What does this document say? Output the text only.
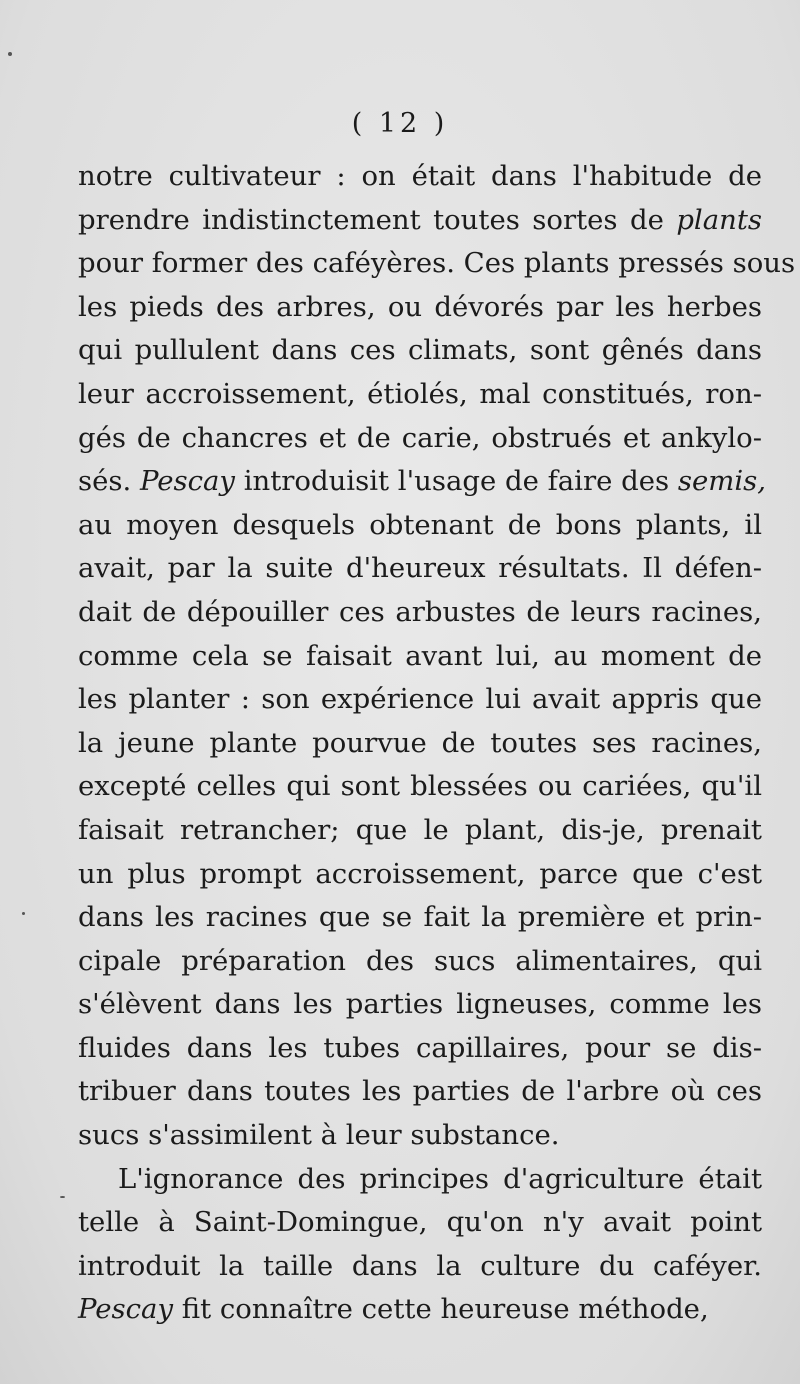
( 12 )
notre cultivateur : on était dans l'habitude de
prendre indistinctement toutes sortes de plants
pour former des caféyères. Ces plants pressés sous
les pieds des arbres, ou dévorés par les herbes
qui pullulent dans ces climats, sont gênés dans
leur accroissement, étiolés, mal constitués, ron-
gés de chancres et de carie, obstrués et ankylo-
sés. Pescay introduisit l'usage de faire des semis,
au moyen desquels obtenant de bons plants, il
avait, par la suite d'heureux résultats. Il défen-
dait de dépouiller ces arbustes de leurs racines,
comme cela se faisait avant lui, au moment de
les planter : son expérience lui avait appris que
la jeune plante pourvue de toutes ses racines,
excepté celles qui sont blessées ou cariées, qu'il
faisait retrancher; que le plant, dis-je, prenait
un plus prompt accroissement, parce que c'est
dans les racines que se fait la première et prin-
cipale préparation des sucs alimentaires, qui
s'élèvent dans les parties ligneuses, comme les
fluides dans les tubes capillaires, pour se dis-
tribuer dans toutes les parties de l'arbre où ces
sucs s'assimilent à leur substance.
L'ignorance des principes d'agriculture était
telle à Saint-Domingue, qu'on n'y avait point
introduit la taille dans la culture du caféyer.
Pescay fit connaître cette heureuse méthode,
